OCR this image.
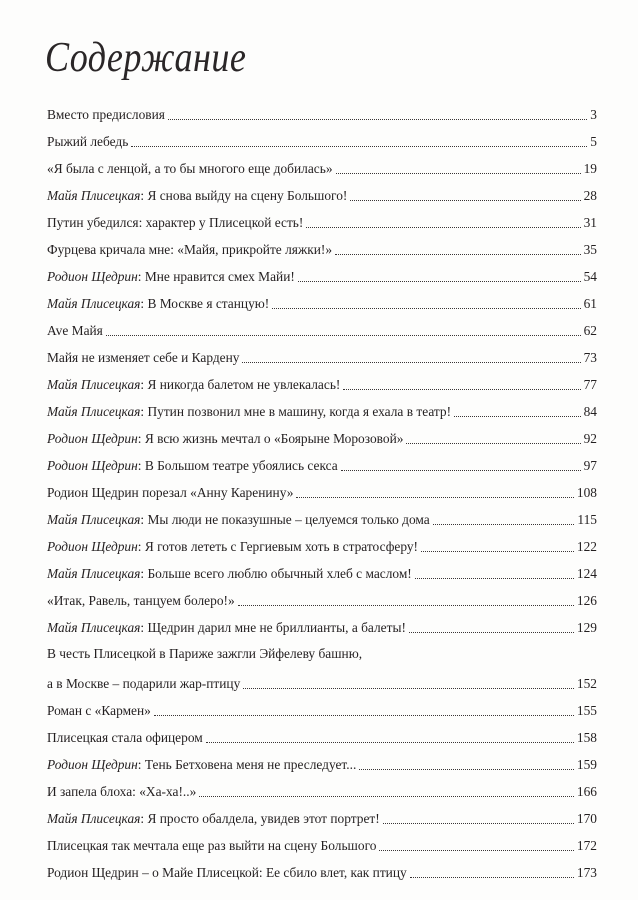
Содержание
Вместо предисловия	3
Рыжий лебедь	5
«Я была с ленцой, а то бы многого еще добилась»	19
Майя Плисецкая: Я снова выйду на сцену Большого!	28
Путин убедился: характер у Плисецкой есть!	31
Фурцева кричала мне: «Майя, прикройте ляжки!»	35
Родион Щедрин: Мне нравится смех Майи!	54
Майя Плисецкая: В Москве я станцую!	61
Ave Майя	62
Майя не изменяет себе и Кардену	73
Майя Плисецкая: Я никогда балетом не увлекалась!	77
Майя Плисецкая: Путин позвонил мне в машину, когда я ехала в театр!	84
Родион Щедрин: Я всю жизнь мечтал о «Боярыне Морозовой»	92
Родион Щедрин: В Большом театре убоялись секса	97
Родион Щедрин порезал «Анну Каренину»	108
Майя Плисецкая: Мы люди не показушные – целуемся только дома	115
Родион Щедрин: Я готов лететь с Гергиевым хоть в стратосферу!	122
Майя Плисецкая: Больше всего люблю обычный хлеб с маслом!	124
«Итак, Равель, танцуем болеро!»	126
Майя Плисецкая: Щедрин дарил мне не бриллианты, а балеты!	129
В честь Плисецкой в Париже зажгли Эйфелеву башню,
а в Москве – подарили жар-птицу	152
Роман с «Кармен»	155
Плисецкая стала офицером	158
Родион Щедрин: Тень Бетховена меня не преследует...	159
И запела блоха: «Ха-ха!..»	166
Майя Плисецкая: Я просто обалдела, увидев этот портрет!	170
Плисецкая так мечтала еще раз выйти на сцену Большого	172
Родион Щедрин – о Майе Плисецкой: Ее сбило влет, как птицу	173
